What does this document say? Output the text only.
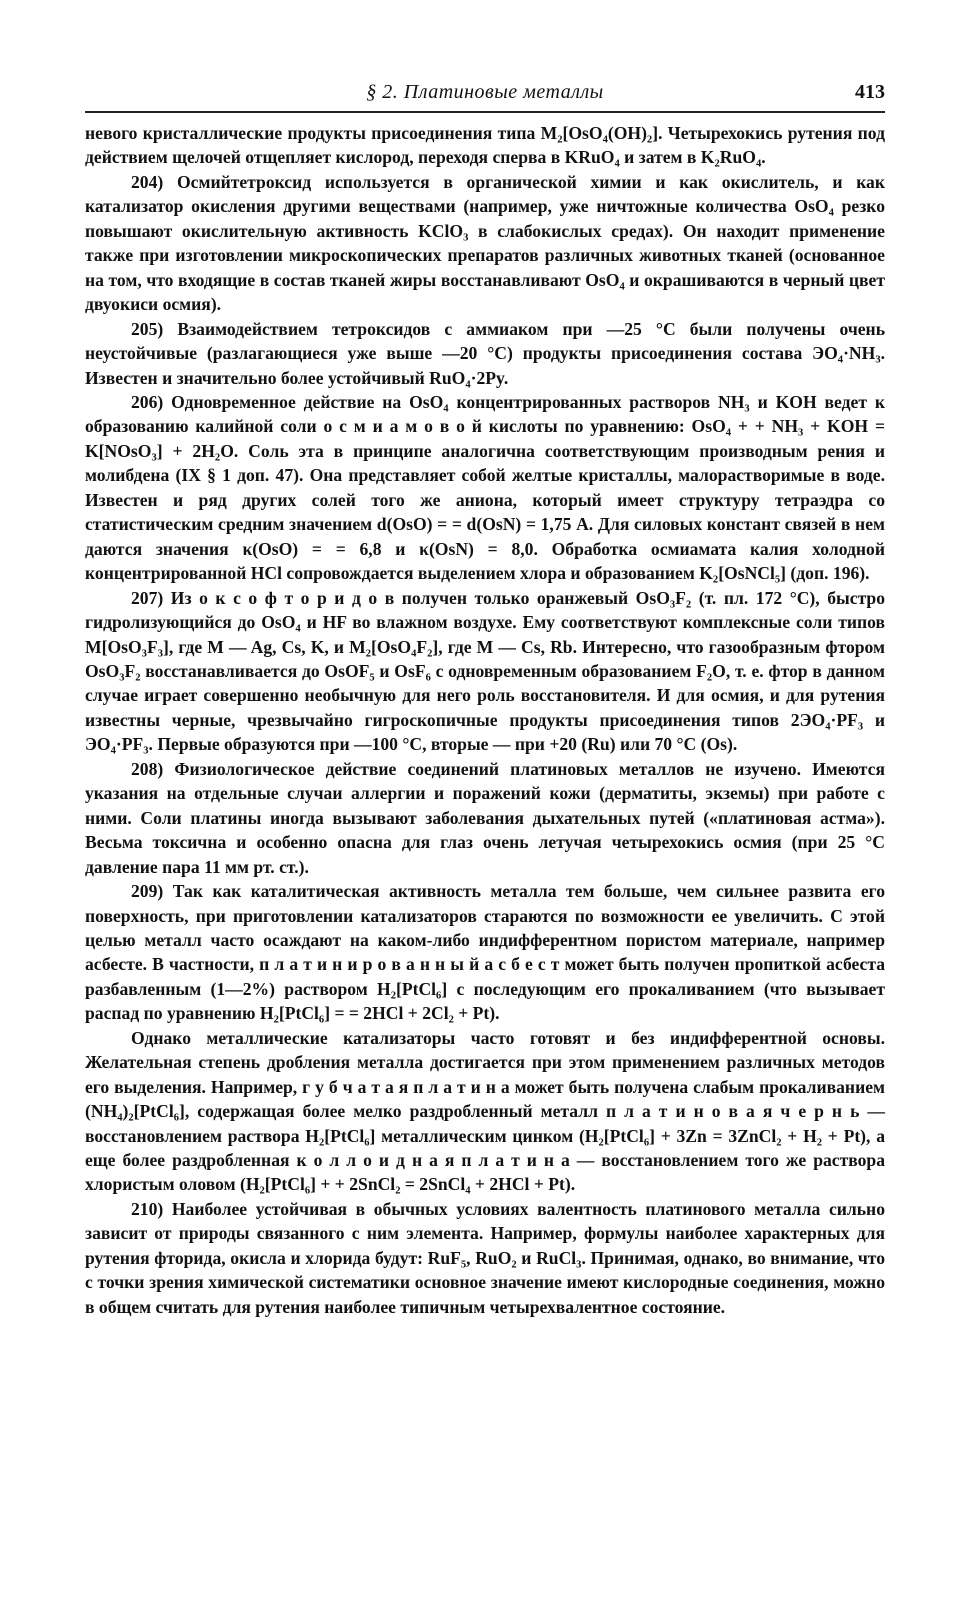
§ 2. Платиновые металлы	413

невого кристаллические продукты присоединения типа M₂[OsO₄(OH)₂]. Четырехокись рутения под действием щелочей отщепляет кислород, переходя сперва в KRuO₄ и затем в K₂RuO₄.

204) Осмийтетроксид используется в органической химии и как окислитель, и как катализатор окисления другими веществами (например, уже ничтожные количества OsO₄ резко повышают окислительную активность KClO₃ в слабокислых средах). Он находит применение также при изготовлении микроскопических препаратов различных животных тканей (основанное на том, что входящие в состав тканей жиры восстанавливают OsO₄ и окрашиваются в черный цвет двуокиси осмия).

205) Взаимодействием тетроксидов с аммиаком при —25 °С были получены очень неустойчивые (разлагающиеся уже выше —20 °С) продукты присоединения состава ЭO₄·NH₃. Известен и значительно более устойчивый RuO₄·2Py.

206) Одновременное действие на OsO₄ концентрированных растворов NH₃ и KOH ведет к образованию калийной соли о с м и а м о в о й кислоты по уравнению: OsO₄ + + NH₃ + KOH = K[NOsO₃] + 2H₂O. Соль эта в принципе аналогична соответствующим производным рения и молибдена (IX § 1 доп. 47). Она представляет собой желтые кристаллы, малорастворимые в воде. Известен и ряд других солей того же аниона, который имеет структуру тетраэдра со статистическим средним значением d(OsO) = = d(OsN) = 1,75 А. Для силовых констант связей в нем даются значения κ(OsO) = = 6,8 и κ(OsN) = 8,0. Обработка осмиамата калия холодной концентрированной HCl сопровождается выделением хлора и образованием K₂[OsNCl₅] (доп. 196).

207) Из о к с о ф т о р и д о в получен только оранжевый OsO₃F₂ (т. пл. 172 °С), быстро гидролизующийся до OsO₄ и HF во влажном воздухе. Ему соответствуют комплексные соли типов M[OsO₃F₃], где M — Ag, Cs, K, и M₂[OsO₄F₂], где M — Cs, Rb. Интересно, что газообразным фтором OsO₃F₂ восстанавливается до OsOF₅ и OsF₆ с одновременным образованием F₂O, т. е. фтор в данном случае играет совершенно необычную для него роль восстановителя. И для осмия, и для рутения известны черные, чрезвычайно гигроскопичные продукты присоединения типов 2ЭO₄·PF₃ и ЭO₄·PF₃. Первые образуются при —100 °С, вторые — при +20 (Ru) или 70 °С (Os).

208) Физиологическое действие соединений платиновых металлов не изучено. Имеются указания на отдельные случаи аллергии и поражений кожи (дерматиты, экземы) при работе с ними. Соли платины иногда вызывают заболевания дыхательных путей («платиновая астма»). Весьма токсична и особенно опасна для глаз очень летучая четырехокись осмия (при 25 °С давление пара 11 мм рт. ст.).

209) Так как каталитическая активность металла тем больше, чем сильнее развита его поверхность, при приготовлении катализаторов стараются по возможности ее увеличить. С этой целью металл часто осаждают на каком-либо индифферентном пористом материале, например асбесте. В частности, п л а т и н и р о в а н н ы й а с б е с т может быть получен пропиткой асбеста разбавленным (1—2%) раствором H₂[PtCl₆] с последующим его прокаливанием (что вызывает распад по уравнению H₂[PtCl₆] = = 2HCl + 2Cl₂ + Pt).

Однако металлические катализаторы часто готовят и без индифферентной основы. Желательная степень дробления металла достигается при этом применением различных методов его выделения. Например, г у б ч а т а я п л а т и н а может быть получена слабым прокаливанием (NH₄)₂[PtCl₆], содержащая более мелко раздробленный металл п л а т и н о в а я ч е р н ь — восстановлением раствора H₂[PtCl₆] металлическим цинком (H₂[PtCl₆] + 3Zn = 3ZnCl₂ + H₂ + Pt), а еще более раздробленная к о л л о и д н а я п л а т и н а — восстановлением того же раствора хлористым оловом (H₂[PtCl₆] + + 2SnCl₂ = 2SnCl₄ + 2HCl + Pt).

210) Наиболее устойчивая в обычных условиях валентность платинового металла сильно зависит от природы связанного с ним элемента. Например, формулы наиболее характерных для рутения фторида, окисла и хлорида будут: RuF₅, RuO₂ и RuCl₃. Принимая, однако, во внимание, что с точки зрения химической систематики основное значение имеют кислородные соединения, можно в общем считать для рутения наиболее типичным четырехвалентное состояние.
